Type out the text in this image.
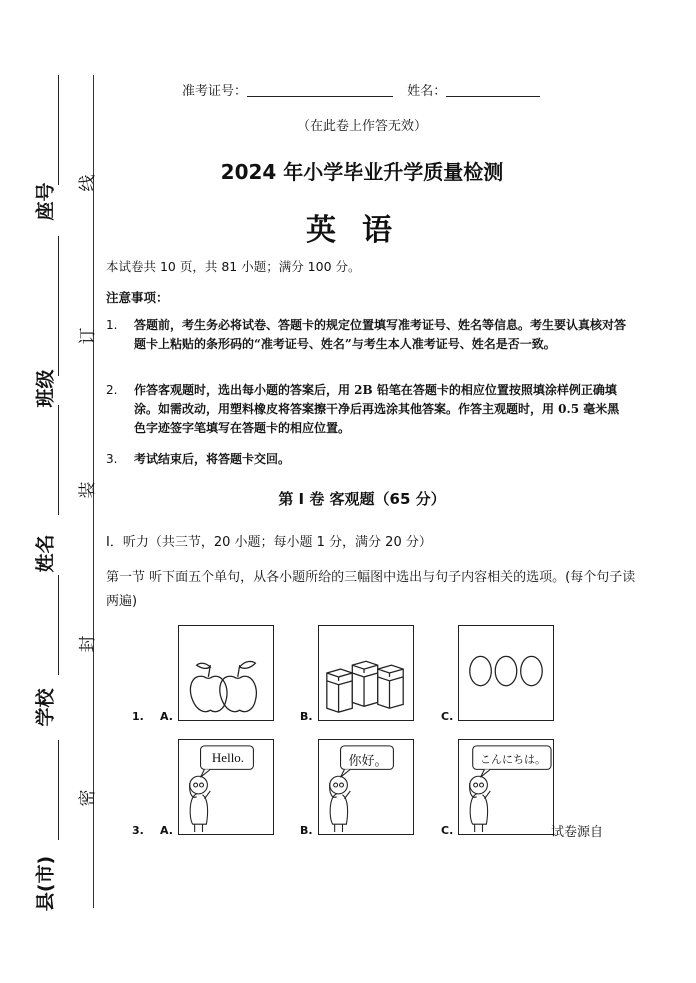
线
订
装
封
密
座号
班级
姓名
学校
县(市)
准考证号：	姓名：
（在此卷上作答无效）
2024 年小学毕业升学质量检测
英语
本试卷共 10 页，共 81 小题；满分 100 分。
注意事项：
1.	答题前，考生务必将试卷、答题卡的规定位置填写准考证号、姓名等信息。考生要认真核对答题卡上粘贴的条形码的“准考证号、姓名”与考生本人准考证号、姓名是否一致。
2.	作答客观题时，选出每小题的答案后，用 2B 铅笔在答题卡的相应位置按照填涂样例正确填涂。如需改动，用塑料橡皮将答案擦干净后再选涂其他答案。作答主观题时，用 0.5 毫米黑色字迹签字笔填写在答题卡的相应位置。
3.	考试结束后，将答题卡交回。
第 I 卷 客观题（65 分）
I．听力（共三节，20 小题；每小题 1 分，满分 20 分）
第一节 听下面五个单句，从各小题所给的三幅图中选出与句子内容相关的选项。(每个句子读两遍)
1. A.	B.	C.
3. A.
Hello.
B.
你好。
C.
こんにちは。
试卷源自
